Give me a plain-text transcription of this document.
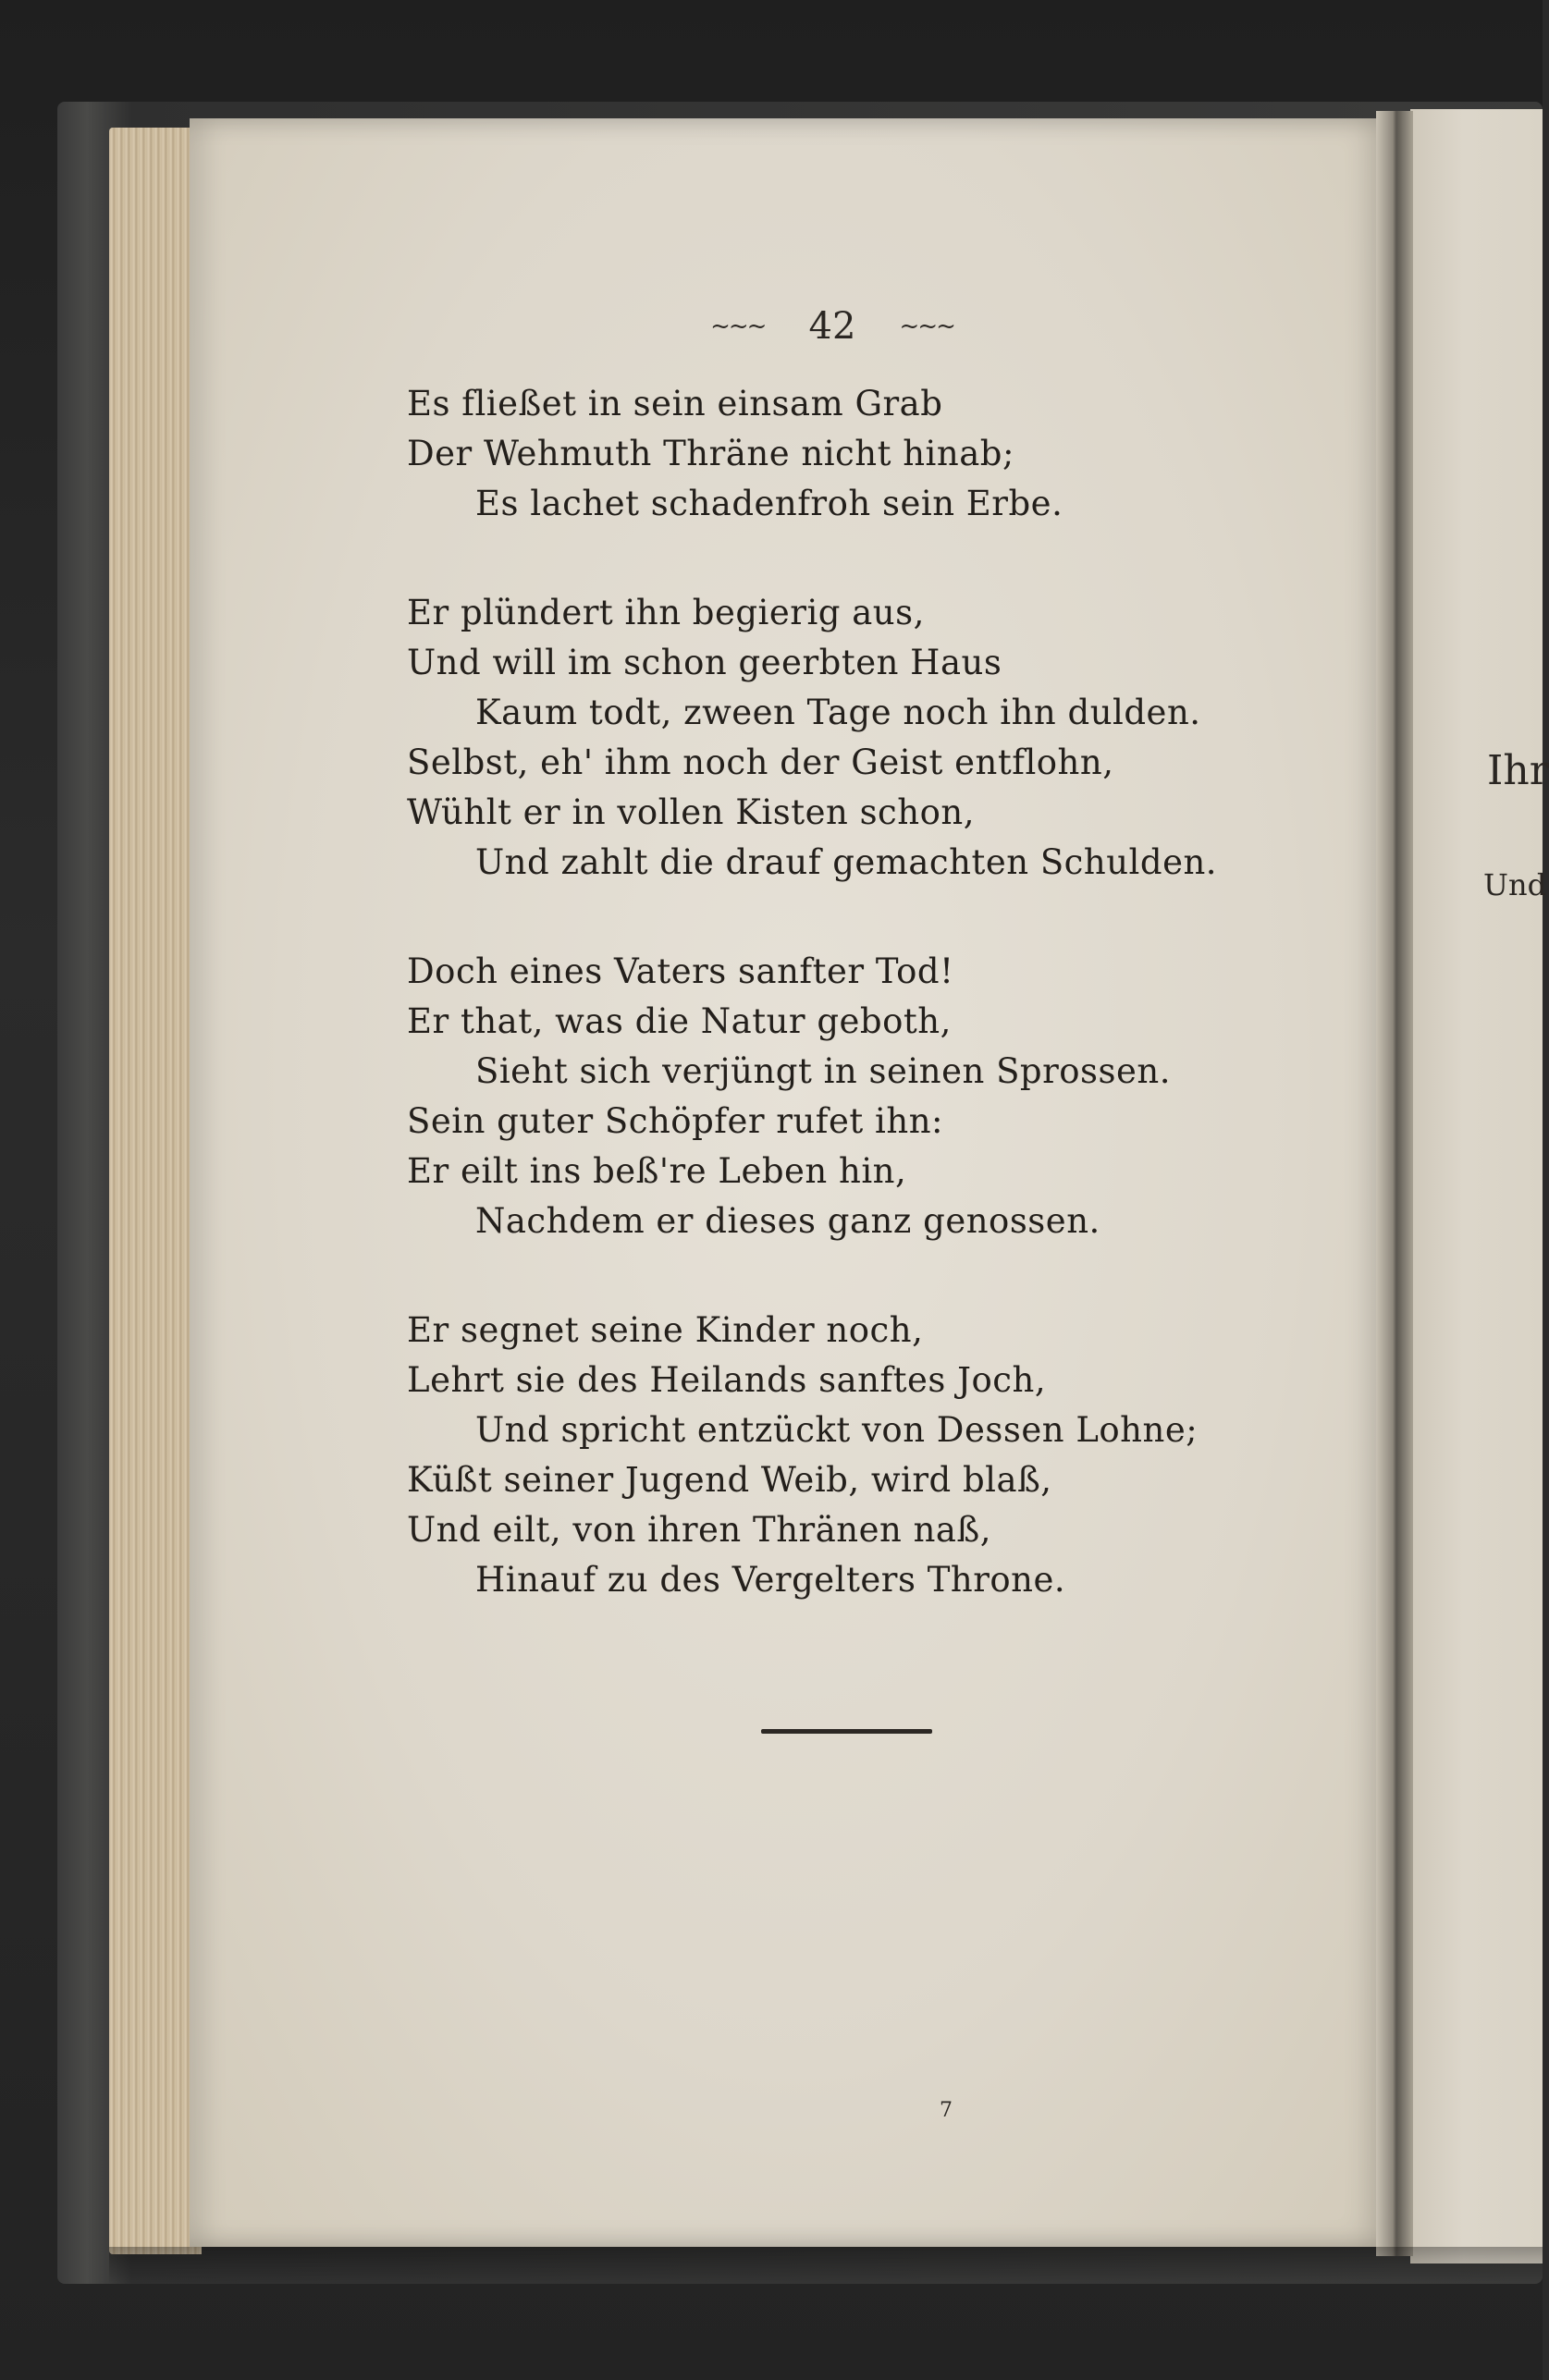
~~~ 42 ~~~
Es fließet in sein einsam Grab
Der Wehmuth Thräne nicht hinab;
Es lachet schadenfroh sein Erbe.
Er plündert ihn begierig aus,
Und will im schon geerbten Haus
Kaum todt, zween Tage noch ihn dulden.
Selbst, eh' ihm noch der Geist entflohn,
Wühlt er in vollen Kisten schon,
Und zahlt die drauf gemachten Schulden.
Doch eines Vaters sanfter Tod!
Er that, was die Natur geboth,
Sieht sich verjüngt in seinen Sprossen.
Sein guter Schöpfer rufet ihn:
Er eilt ins beß're Leben hin,
Nachdem er dieses ganz genossen.
Er segnet seine Kinder noch,
Lehrt sie des Heilands sanftes Joch,
Und spricht entzückt von Dessen Lohne;
Küßt seiner Jugend Weib, wird blaß,
Und eilt, von ihren Thränen naß,
Hinauf zu des Vergelters Throne.
7
Ihr
Und
